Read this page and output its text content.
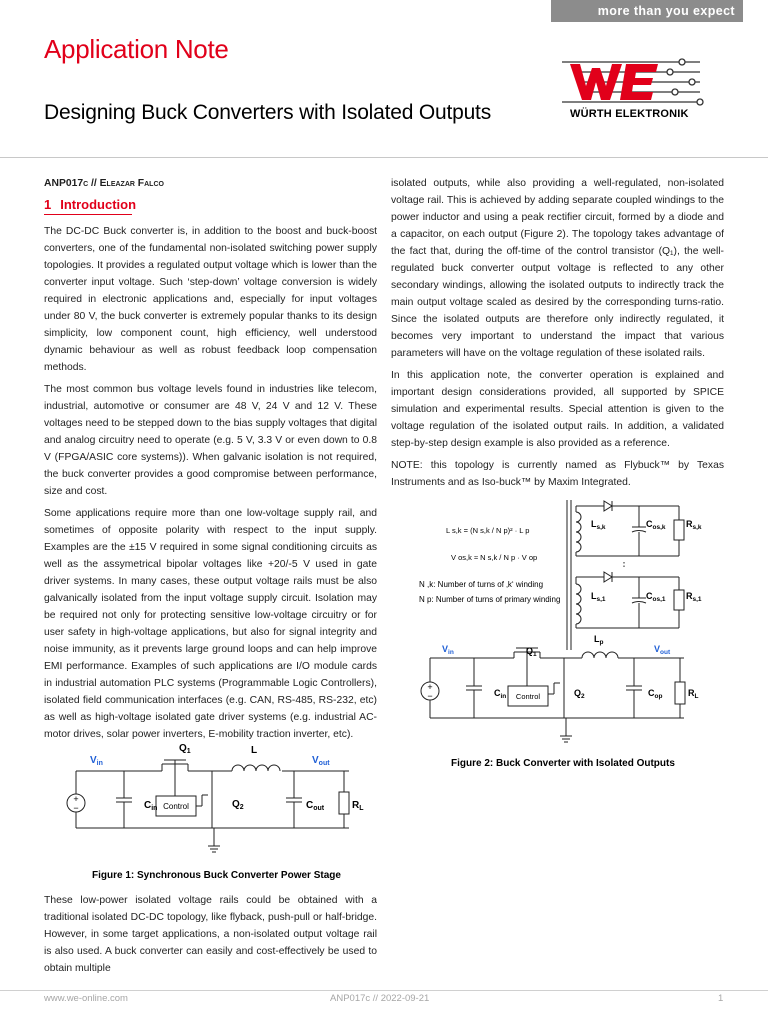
more than you expect
Application Note
Designing Buck Converters with Isolated Outputs	WÜRTH ELEKTRONIK
ANP017c // Eleazar Falco
1 Introduction

The DC-DC Buck converter is, in addition to the boost and buck-boost converters, one of the fundamental non-isolated switching power supply topologies. It provides a regulated output voltage which is lower than the converter input voltage. Such ‘step-down’ voltage conversion is widely required in electronic applications and, especially for input voltages under 80 V, the buck converter is extremely popular thanks to its design simplicity, low component count, high efficiency, well understood dynamic behaviour as well as robust feedback loop compensation methods.

The most common bus voltage levels found in industries like telecom, industrial, automotive or consumer are 48 V, 24 V and 12 V. These voltages need to be stepped down to the bias supply voltages that digital and analog circuitry need to operate (e.g. 5 V, 3.3 V or even down to 0.8 V (FPGA/ASIC core systems)). When galvanic isolation is not required, the buck converter provides a good compromise between performance, size and cost.

Some applications require more than one low-voltage supply rail, and sometimes of opposite polarity with respect to the input supply. Examples are the ±15 V required in some signal conditioning circuits as well as the assymetrical bipolar voltages like +20/-5 V used in gate driver systems. In many cases, these output voltage rails must be also galvanically isolated from the input voltage supply circuit. Isolation may be required not only for protecting sensitive low-voltage circuitry or for user safety in high-voltage applications, but also for signal integrity and noise immunity, as it prevents large ground loops and can help improve EMI performance. Examples of such applications are I/O module cards in industrial automation PLC systems (Programmable Logic Controllers), isolated field communication interfaces (e.g. CAN, RS-485, RS-232, etc) as well as high-voltage isolated gate driver systems (e.g. industrial AC-motor drives, solar power inverters, E-mobility traction inverter, etc).

+
−
$V_{in}$	$V_{out}$
$Q_1$	L
$C_{in}$	$Q_2$	$C_{out}$	$R_L$
Control
Figure 1: Synchronous Buck Converter Power Stage

These low-power isolated voltage rails could be obtained with a traditional isolated DC-DC topology, like flyback, push-pull or half-bridge. However, in some target applications, a non-isolated output voltage rail is also used. A buck converter can easily and cost-effectively be used to obtain multiple

isolated outputs, while also providing a well-regulated, non-isolated voltage rail. This is achieved by adding separate coupled windings to the power inductor and using a peak rectifier circuit, formed by a diode and a capacitor, on each output (Figure 2). The topology takes advantage of the fact that, during the off-time of the control transistor (Q₁), the well-regulated buck converter output voltage is reflected to any other secondary windings, allowing the isolated outputs to indirectly track the main output voltage scaled as desired by the corresponding turns-ratio. Since the isolated outputs are therefore only indirectly regulated, it becomes very important to understand the impact that various parameters will have on the voltage regulation of these isolated rails.

In this application note, the converter operation is explained and important design considerations provided, all supported by SPICE simulation and experimental results. Special attention is given to the voltage regulation of the isolated output rails. In addition, a validated step-by-step design example is also provided as a reference.

NOTE: this topology is currently named as Flybuck™ by Texas Instruments and as Iso-buck™ by Maxim Integrated.

+
−
L s,k = (N s,k / N p)² · L p
V os,k ≈ N s,k / N p · V op
N ,k: Number of turns of ‚k‘ winding
N p: Number of turns of primary winding
$L_{s,k}$	$C_{os,k}$ $R_{s,k}$
$L_{s,1}$	$C_{os,1}$ $R_{s,1}$
$L_p$
$V_{in}$	$V_{out}$
$Q_1$
$C_{in}$	$Q_2$	$C_{op}$	$R_L$
Control
Figure 2: Buck Converter with Isolated Outputs
www.we-online.com	ANP017c // 2022-09-21	1
